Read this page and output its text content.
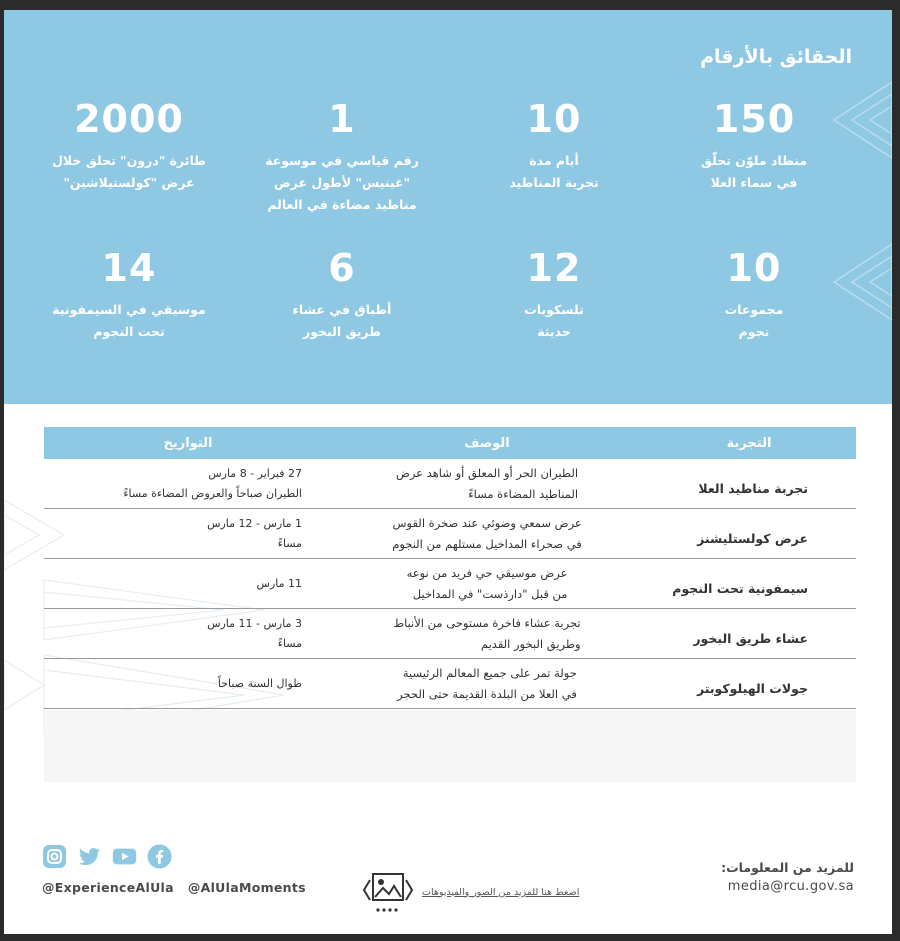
الحقائق بالأرقام
150
منطاد ملوّن تحلّق
في سماء العلا
10
أيام مدة
تجربة المناطيد
1
رقم قياسي في موسوعة
"غينيس" لأطول عرض
مناطيد مضاءة في العالم
2000
طائرة "درون" تحلق خلال
عرض "كولستيلاشين"
10
مجموعات
نجوم
12
تلسكوبات
حديثة
6
أطباق في عشاء
طريق البخور
14
موسيقي في السيمفونية
تحت النجوم
التجربة
الوصف
التواريخ
تجربة مناطيد العلا
الطيران الحر أو المعلق أو شاهد عرض
المناطيد المضاءة مساءً
27 فبراير - 8 مارس
الطيران صباحاً والعروض المضاءة مساءً
عرض كولستليشنز
عرض سمعي وضوئي عند صخرة القوس
في صحراء المداخيل مستلهم من النجوم
1 مارس - 12 مارس
مساءً
سيمفونية تحت النجوم
عرض موسيقي حي فريد من نوعه
من قبل "دارذست" في المداخيل
11 مارس
عشاء طريق البخور
تجربة عشاء فاخرة مستوحى من الأنباط
وطريق البخور القديم
3 مارس - 11 مارس
مساءً
جولات الهيلوكوبتر
جولة تمر على جميع المعالم الرئيسية
في العلا من البلدة القديمة حتى الحجر
طوال السنة صباحاً
@ExperienceAlUla   @AlUlaMoments	اضغط هنا للمزيد من الصور والفيديوهات
للمزيد من المعلومات:
media@rcu.gov.sa
